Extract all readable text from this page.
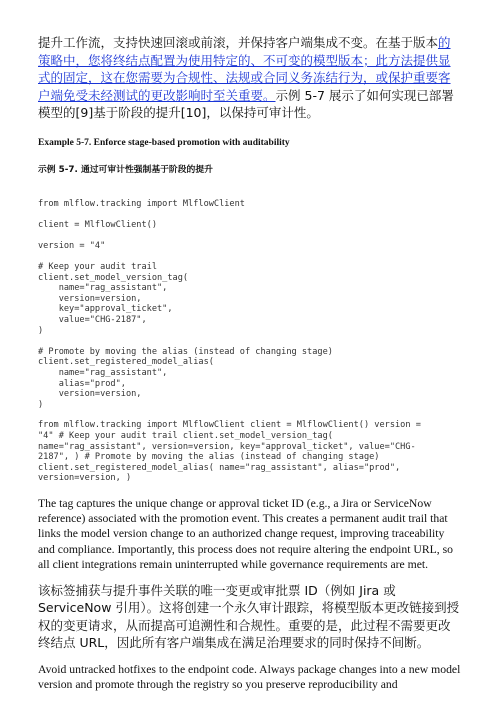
提升工作流，支持快速回滚或前滚，并保持客户端集成不变。在基于版本的策略中，您将终结点配置为使用特定的、不可变的模型版本；此方法提供显式的固定，这在您需要为合规性、法规或合同义务冻结行为，或保护重要客户端免受未经测试的更改影响时至关重要。示例 5-7 展示了如何实现已部署模型的[9]基于阶段的提升[10]，以保持可审计性。

Example 5-7. Enforce stage-based promotion with auditability

示例 5-7. 通过可审计性强制基于阶段的提升

from mlflow.tracking import MlflowClient

client = MlflowClient()

version = "4"

# Keep your audit trail
client.set_model_version_tag(
name="rag_assistant",
version=version,
key="approval_ticket",
value="CHG-2187",
)

# Promote by moving the alias (instead of changing stage)
client.set_registered_model_alias(
name="rag_assistant",
alias="prod",
version=version,
)
from mlflow.tracking import MlflowClient client = MlflowClient() version =
"4" # Keep your audit trail client.set_model_version_tag(
name="rag_assistant", version=version, key="approval_ticket", value="CHG-
2187", ) # Promote by moving the alias (instead of changing stage)
client.set_registered_model_alias( name="rag_assistant", alias="prod",
version=version, )

The tag captures the unique change or approval ticket ID (e.g., a Jira or ServiceNow reference) associated with the promotion event. This creates a permanent audit trail that links the model version change to an authorized change request, improving traceability and compliance. Importantly, this process does not require altering the endpoint URL, so all client integrations remain uninterrupted while governance requirements are met.

该标签捕获与提升事件关联的唯一变更或审批票 ID（例如 Jira 或 ServiceNow 引用）。这将创建一个永久审计跟踪，将模型版本更改链接到授权的变更请求，从而提高可追溯性和合规性。重要的是，此过程不需要更改终结点 URL，因此所有客户端集成在满足治理要求的同时保持不间断。

Avoid untracked hotfixes to the endpoint code. Always package changes into a new model version and promote through the registry so you preserve reproducibility and
